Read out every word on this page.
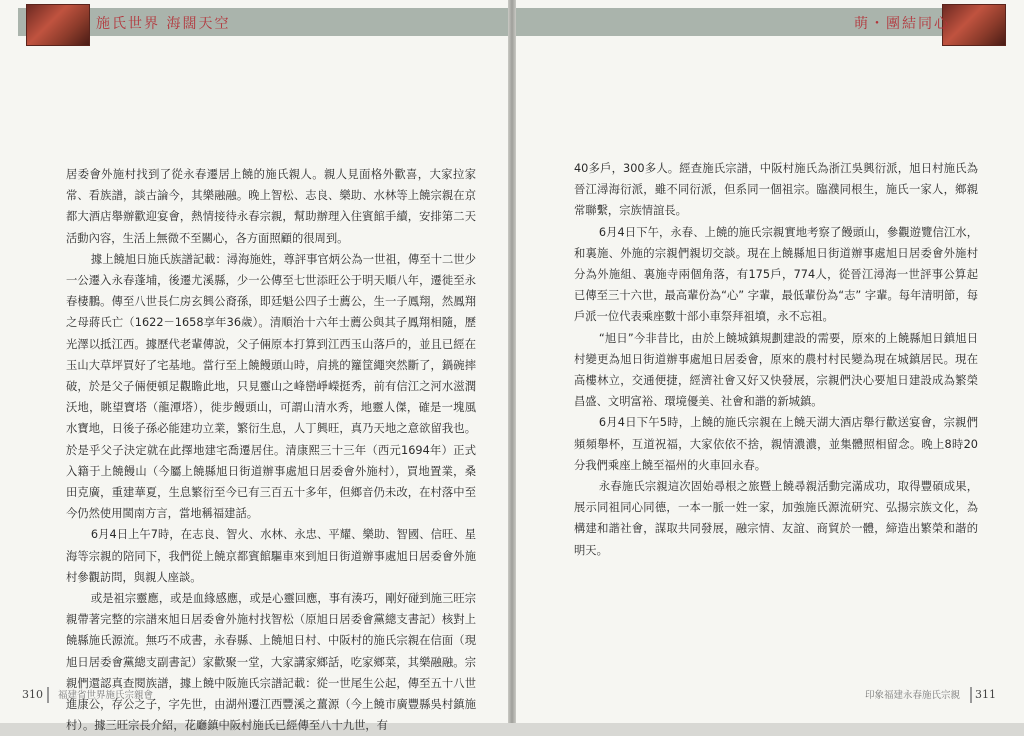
施氏世界 海闊天空

居委會外施村找到了從永春遷居上饒的施氏親人。親人見面格外歡喜，大家拉家常、看族譜，談古論今，其樂融融。晚上智松、志良、樂助、水林等上饒宗親在京都大酒店舉辦歡迎宴會，熱情接待永春宗親，幫助辦理入住賓館手續，安排第二天活動內容，生活上無微不至關心，各方面照顧的很周到。

據上饒旭日施氏族譜記載：潯海施姓，尊評事官炳公為一世祖，傳至十二世少一公遷入永春蓬埔，後遷尤溪縣，少一公傳至七世添旺公于明天順八年，遷徙至永春棲鵬。傳至八世長仁房玄興公裔孫，即廷魁公四子士薦公，生一子鳳翔，然鳳翔之母蔣氏亡（1622－1658享年36歲）。清順治十六年士薦公與其子鳳翔相隨，歷光澤以抵江西。據歷代老輩傳說，父子倆原本打算到江西玉山落戶的，並且已經在玉山大草坪買好了宅基地。當行至上饒饅頭山時，肩挑的籮筐繩突然斷了，鍋碗摔破，於是父子倆便頓足觀瞻此地，只見靈山之峰巒崢嶸挺秀，前有信江之河水滋潤沃地，眺望寶塔（龍潭塔），徙步饅頭山，可謂山清水秀，地靈人傑，確是一塊風水寶地，日後子孫必能建功立業，繁衍生息，人丁興旺，真乃天地之意欲留我也。於是乎父子決定就在此擇地建宅喬遷居住。清康熙三十三年（西元1694年）正式入籍于上饒饅山（今屬上饒縣旭日街道辦事處旭日居委會外施村），買地置業，桑田克廣，重建華夏，生息繁衍至今已有三百五十多年，但鄉音仍未改，在村落中至今仍然使用閩南方言，當地稱福建話。

6月4日上午7時，在志良、智火、水林、永忠、平耀、樂助、智國、信旺、星海等宗親的陪同下，我們從上饒京都賓館驅車來到旭日街道辦事處旭日居委會外施村參觀訪問，與親人座談。

或是祖宗靈應，或是血緣感應，或是心靈回應，事有湊巧，剛好碰到施三旺宗親帶著完整的宗譜來旭日居委會外施村找智松（原旭日居委會黨總支書記）核對上饒縣施氏源流。無巧不成書，永春縣、上饒旭日村、中阪村的施氏宗親在信面（現旭日居委會黨總支副書記）家歡聚一堂，大家講家鄉話，吃家鄉菜，其樂融融。宗親們還認真查閱族譜，據上饒中阪施氏宗譜記載：從一世尾生公起，傳至五十八世進康公，存公之子，字先世，由湖州遷江西豐溪之薑源（今上饒市廣豐縣吳村鎮施村）。據三旺宗長介紹，花廳鎮中阪村施氏已經傳至八十九世，有

310 福建省世界施氏宗親會
萌・團結同心

40多戶，300多人。經查施氏宗譜，中阪村施氏為浙江吳興衍派，旭日村施氏為晉江潯海衍派，雖不同衍派，但系同一個祖宗。臨濮同根生，施氏一家人，鄉親常聯繫，宗族情誼長。

6月4日下午，永春、上饒的施氏宗親實地考察了饅頭山，參觀遊覽信江水，和裏施、外施的宗親們親切交談。現在上饒縣旭日街道辦事處旭日居委會外施村分為外施組、裏施寺兩個角落，有175戶，774人，從晉江潯海一世評事公算起已傳至三十六世，最高輩份為“心” 字輩，最低輩份為“志” 字輩。每年清明節，每戶派一位代表乘座數十部小車祭拜祖墳，永不忘祖。

“旭日”今非昔比，由於上饒城鎮規劃建設的需要，原來的上饒縣旭日鎮旭日村變更為旭日街道辦事處旭日居委會，原來的農村村民變為現在城鎮居民。現在高樓林立，交通便捷，經濟社會又好又快發展，宗親們決心要旭日建設成為繁榮昌盛、文明富裕、環境優美、社會和諧的新城鎮。

6月4日下午5時，上饒的施氏宗親在上饒天湖大酒店舉行歡送宴會，宗親們頻頻舉杯，互道祝福，大家依依不捨，親情濃濃，並集體照相留念。晚上8時20分我們乘座上饒至福州的火車回永春。

永春施氏宗親這次固始尋根之旅暨上饒尋親活動完滿成功，取得豐碩成果，展示同祖同心同德，一本一脈一姓一家，加強施氏源流研究、弘揚宗族文化，為構建和諧社會，謀取共同發展，融宗情、友誼、商貿於一體，締造出繁榮和諧的明天。

印象福建永春施氏宗親 311
